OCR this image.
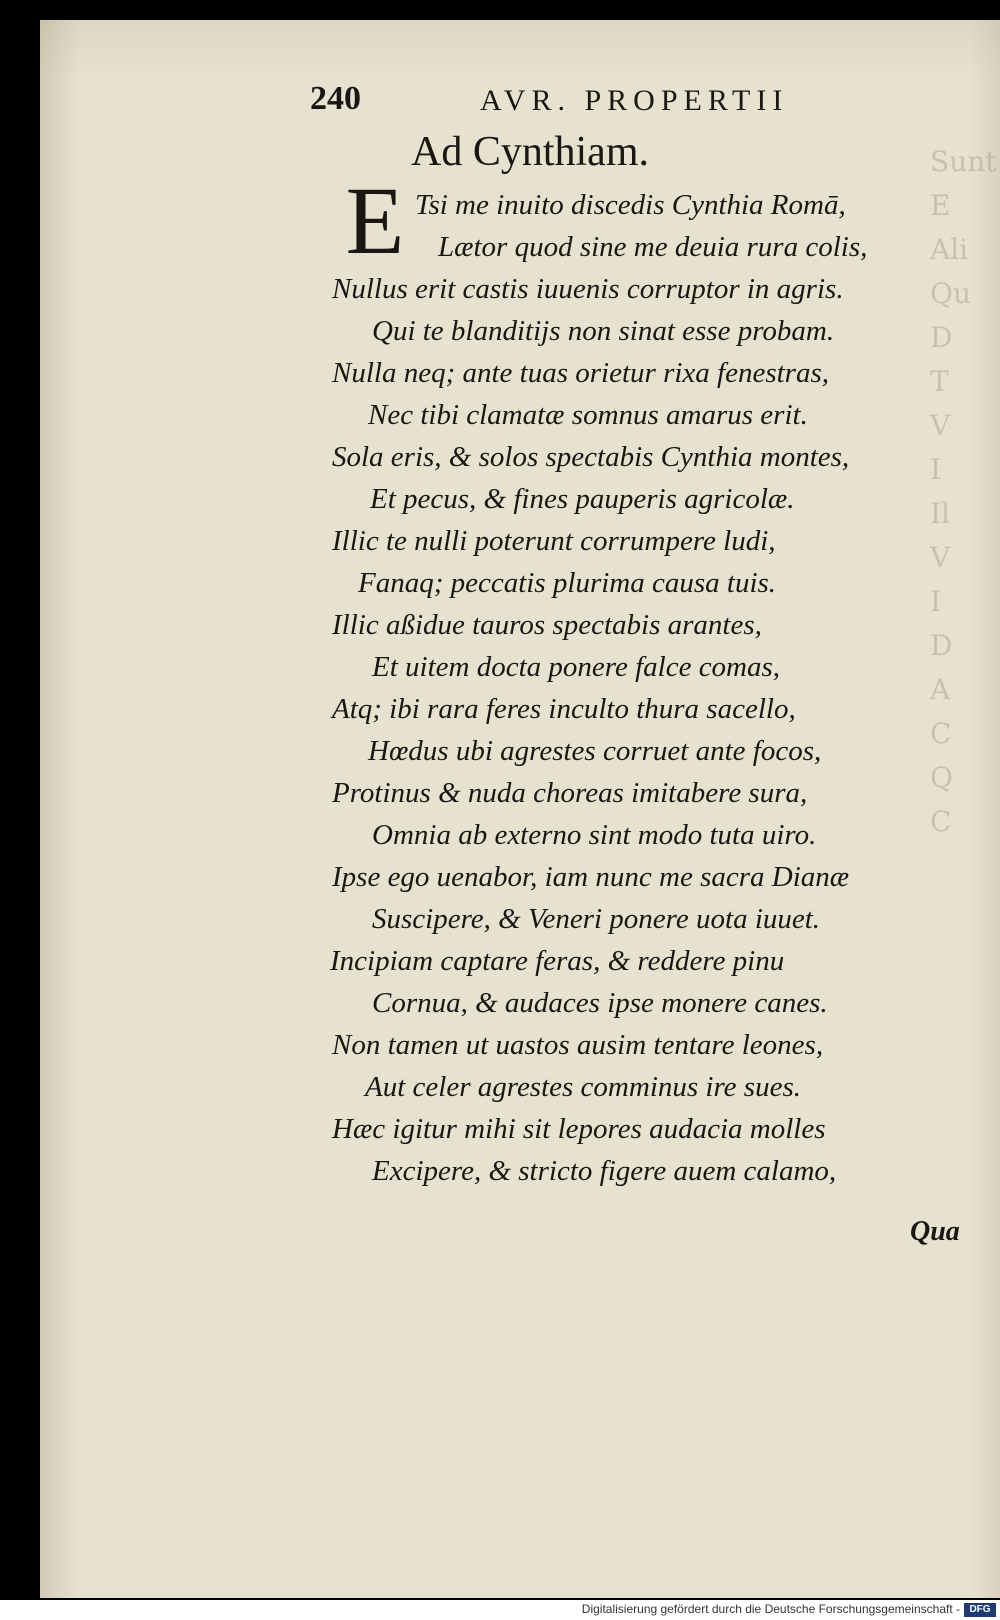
Sunt
E
Ali
Qu
D
T
V
I
Il
V
I
D
A
C
Q
C
240	AVR. PROPERTII
Ad Cynthiam.
E Tsi me inuito discedis Cynthia Romā,
Lætor quod sine me deuia rura colis,
Nullus erit castis iuuenis corruptor in agris.
Qui te blanditijs non sinat esse probam.
Nulla neq; ante tuas orietur rixa fenestras,
Nec tibi clamatæ somnus amarus erit.
Sola eris, & solos spectabis Cynthia montes,
Et pecus, & fines pauperis agricolæ.
Illic te nulli poterunt corrumpere ludi,
Fanaq; peccatis plurima causa tuis.
Illic aßidue tauros spectabis arantes,
Et uitem docta ponere falce comas,
Atq; ibi rara feres inculto thura sacello,
Hœdus ubi agrestes corruet ante focos,
Protinus & nuda choreas imitabere sura,
Omnia ab externo sint modo tuta uiro.
Ipse ego uenabor, iam nunc me sacra Dianæ
Suscipere, & Veneri ponere uota iuuet.
Incipiam captare feras, & reddere pinu
Cornua, & audaces ipse monere canes.
Non tamen ut uastos ausim tentare leones,
Aut celer agrestes comminus ire sues.
Hæc igitur mihi sit lepores audacia molles
Excipere, & stricto figere auem calamo,
Qua
Digitalisierung gefördert durch die Deutsche Forschungsgemeinschaft - DFG
